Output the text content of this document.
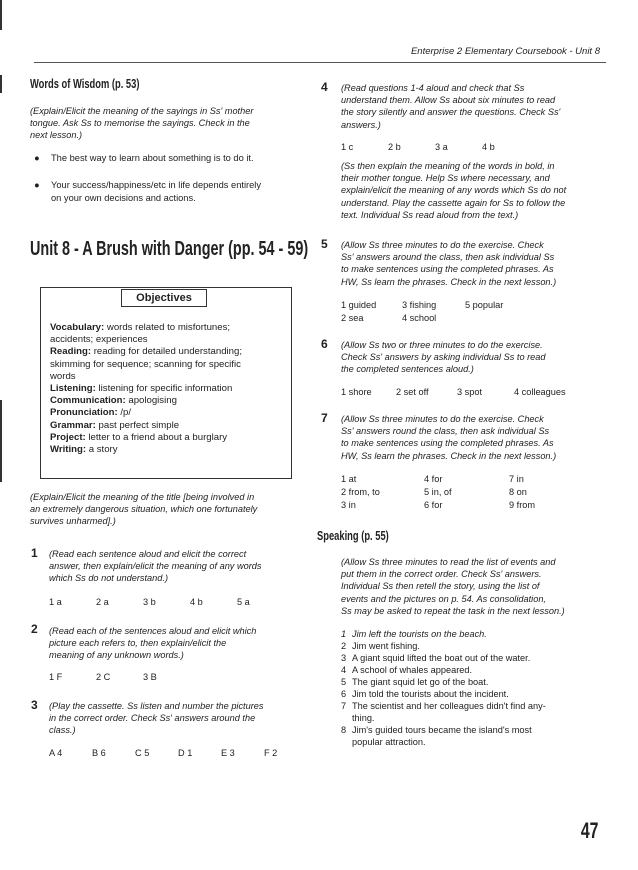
Enterprise 2 Elementary Coursebook - Unit 8
Words of Wisdom (p. 53)
(Explain/Elicit the meaning of the sayings in Ss' mother
tongue. Ask Ss to memorise the sayings. Check in the
next lesson.)
● The best way to learn about something is to do it.
● Your success/happiness/etc in life depends entirely
on your own decisions and actions.
Unit 8 - A Brush with Danger (pp. 54 - 59)
Objectives
Vocabulary: words related to misfortunes;
accidents; experiences
Reading: reading for detailed understanding;
skimming for sequence; scanning for specific
words
Listening: listening for specific information
Communication: apologising
Pronunciation: /p/
Grammar: past perfect simple
Project: letter to a friend about a burglary
Writing: a story
(Explain/Elicit the meaning of the title [being involved in
an extremely dangerous situation, which one fortunately
survives unharmed].)
1 (Read each sentence aloud and elicit the correct
answer, then explain/elicit the meaning of any words
which Ss do not understand.)
1 a	2 a	3 b	4 b	5 a
2 (Read each of the sentences aloud and elicit which
picture each refers to, then explain/elicit the
meaning of any unknown words.)
1 F	2 C	3 B
3 (Play the cassette. Ss listen and number the pictures
in the correct order. Check Ss' answers around the
class.)
A 4	B 6	C 5	D 1	E 3	F 2
4 (Read questions 1-4 aloud and check that Ss
understand them. Allow Ss about six minutes to read
the story silently and answer the questions. Check Ss'
answers.)
1 c	2 b	3 a	4 b
(Ss then explain the meaning of the words in bold, in
their mother tongue. Help Ss where necessary, and
explain/elicit the meaning of any words which Ss do not
understand. Play the cassette again for Ss to follow the
text. Individual Ss read aloud from the text.)
5 (Allow Ss three minutes to do the exercise. Check
Ss' answers around the class, then ask individual Ss
to make sentences using the completed phrases. As
HW, Ss learn the phrases. Check in the next lesson.)
1 guided	3 fishing	5 popular
2 sea	4 school
6 (Allow Ss two or three minutes to do the exercise.
Check Ss' answers by asking individual Ss to read
the completed sentences aloud.)
1 shore	2 set off	3 spot	4 colleagues
7 (Allow Ss three minutes to do the exercise. Check
Ss' answers round the class, then ask individual Ss
to make sentences using the completed phrases. As
HW, Ss learn the phrases. Check in the next lesson.)
1 at	4 for	7 in
2 from, to	5 in, of	8 on
3 in	6 for	9 from
Speaking (p. 55)
(Allow Ss three minutes to read the list of events and
put them in the correct order. Check Ss' answers.
Individual Ss then retell the story, using the list of
events and the pictures on p. 54. As consolidation,
Ss may be asked to repeat the task in the next lesson.)
1 Jim left the tourists on the beach.
2 Jim went fishing.
3 A giant squid lifted the boat out of the water.
4 A school of whales appeared.
5 The giant squid let go of the boat.
6 Jim told the tourists about the incident.
7 The scientist and her colleagues didn't find any-
thing.
8 Jim's guided tours became the island's most
popular attraction.
47
